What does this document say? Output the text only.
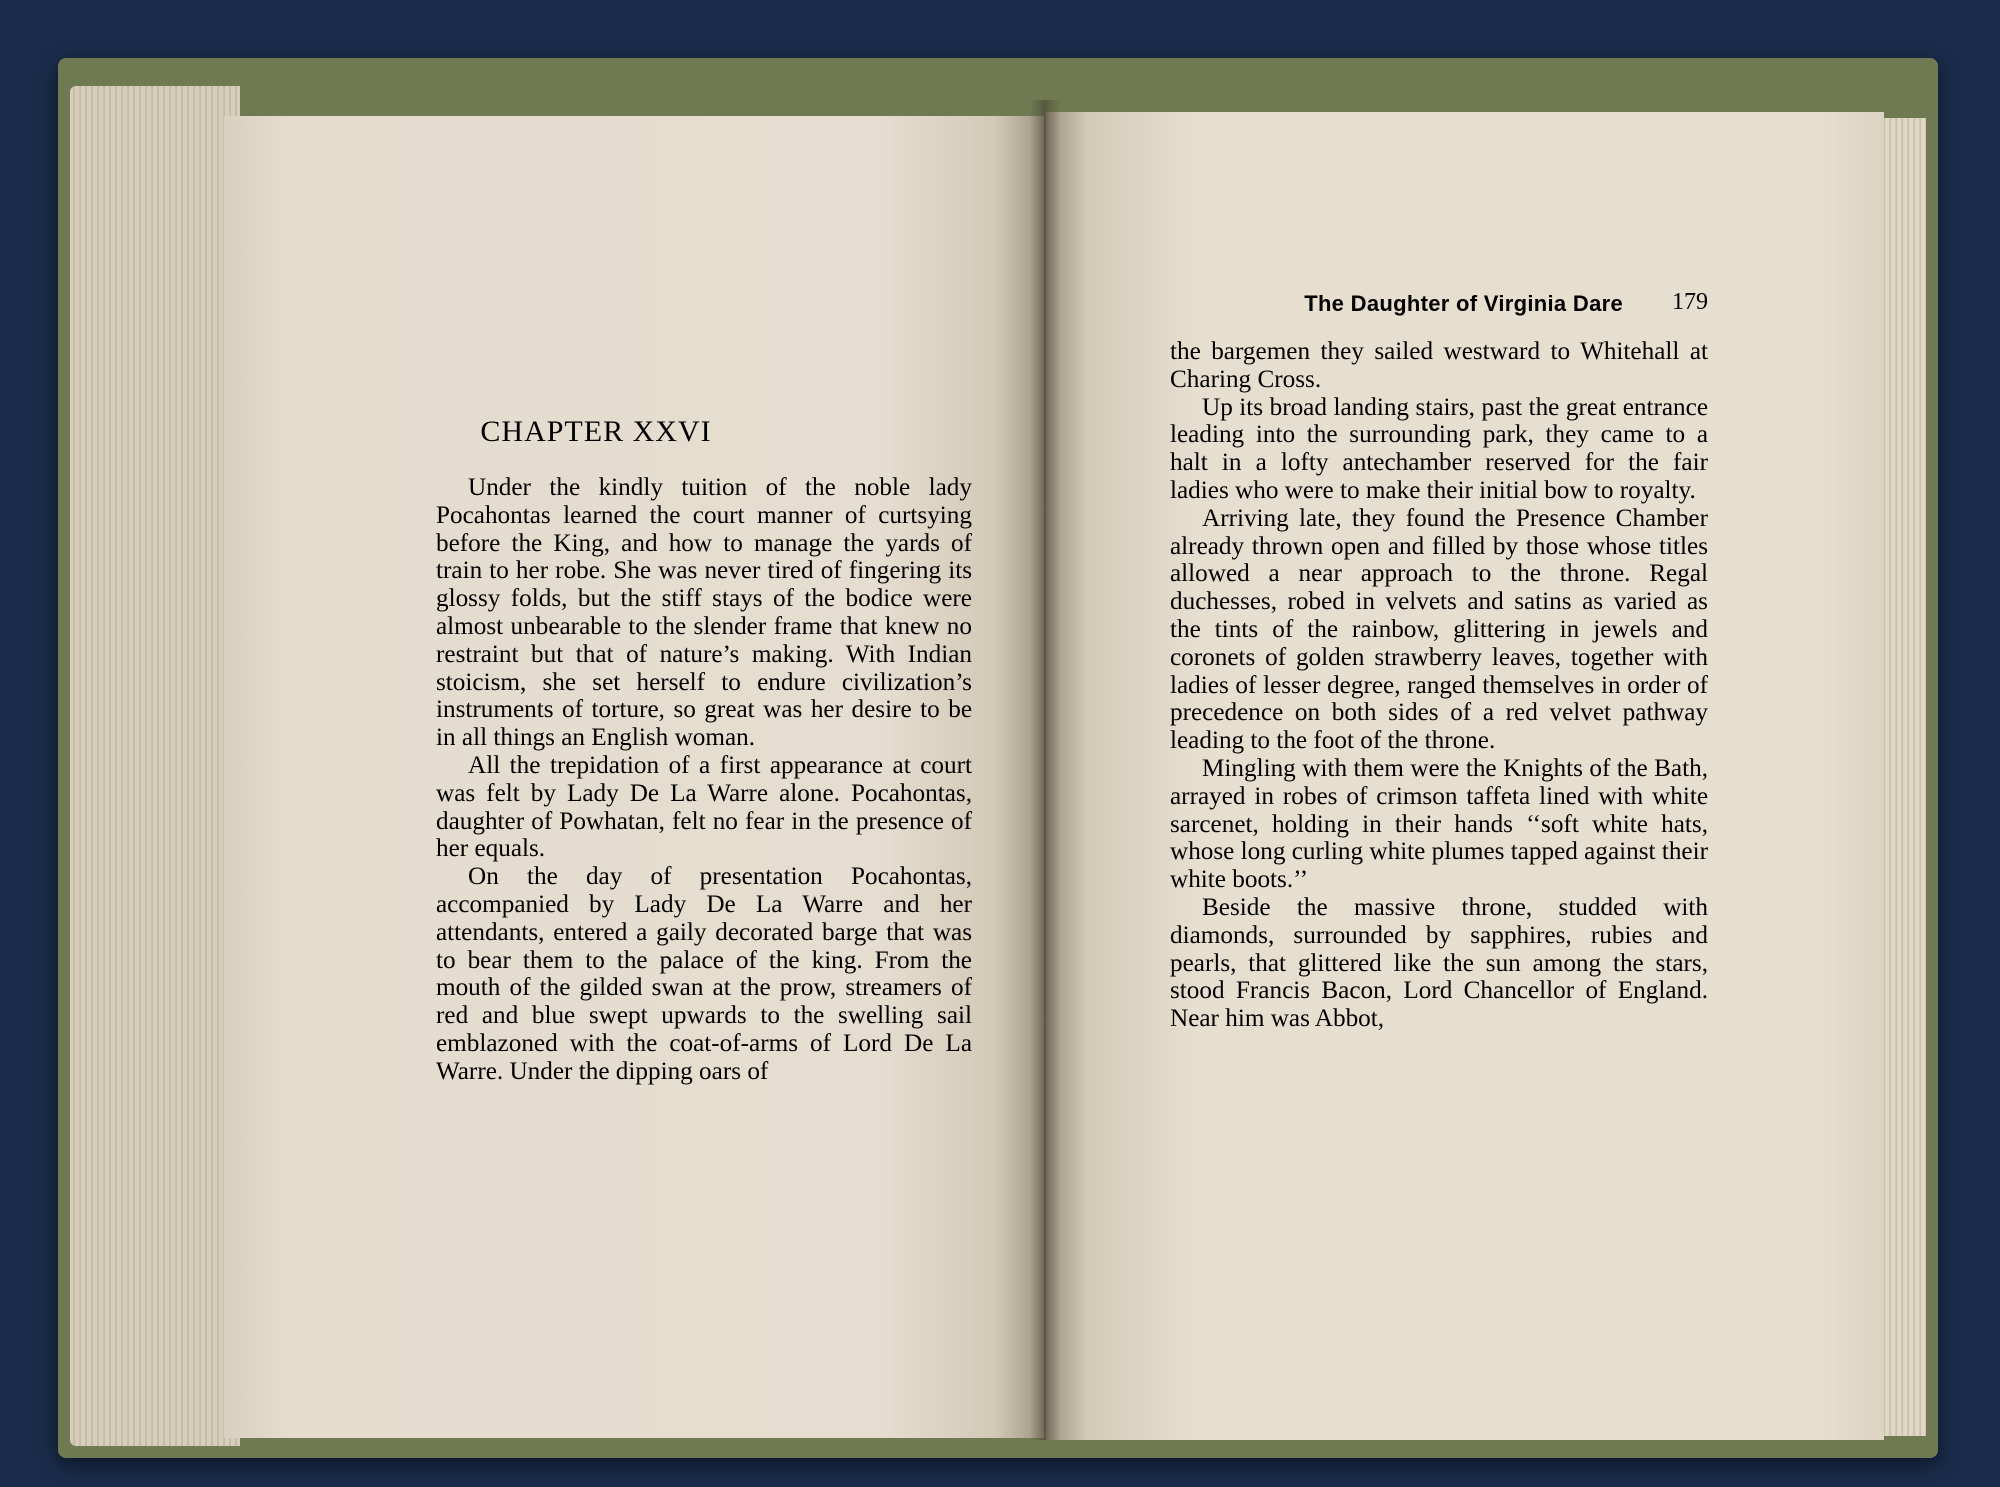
CHAPTER XXVI

Under the kindly tuition of the noble lady Pocahontas learned the court manner of curtsying before the King, and how to manage the yards of train to her robe. She was never tired of fingering its glossy folds, but the stiff stays of the bodice were almost unbearable to the slender frame that knew no restraint but that of nature’s making. With Indian stoicism, she set herself to endure civilization’s instruments of torture, so great was her desire to be in all things an English woman.

All the trepidation of a first appearance at court was felt by Lady De La Warre alone. Pocahontas, daughter of Powhatan, felt no fear in the presence of her equals.

On the day of presentation Pocahontas, accompanied by Lady De La Warre and her attendants, entered a gaily decorated barge that was to bear them to the palace of the king. From the mouth of the gilded swan at the prow, streamers of red and blue swept upwards to the swelling sail emblazoned with the coat-of-arms of Lord De La Warre. Under the dipping oars of

The Daughter of Virginia Dare 179

the bargemen they sailed westward to Whitehall at Charing Cross.

Up its broad landing stairs, past the great entrance leading into the surrounding park, they came to a halt in a lofty antechamber reserved for the fair ladies who were to make their initial bow to royalty.

Arriving late, they found the Presence Chamber already thrown open and filled by those whose titles allowed a near approach to the throne. Regal duchesses, robed in velvets and satins as varied as the tints of the rainbow, glittering in jewels and coronets of golden strawberry leaves, together with ladies of lesser degree, ranged themselves in order of precedence on both sides of a red velvet pathway leading to the foot of the throne.

Mingling with them were the Knights of the Bath, arrayed in robes of crimson taffeta lined with white sarcenet, holding in their hands ‘‘soft white hats, whose long curling white plumes tapped against their white boots.’’

Beside the massive throne, studded with diamonds, surrounded by sapphires, rubies and pearls, that glittered like the sun among the stars, stood Francis Bacon, Lord Chancellor of England. Near him was Abbot,
